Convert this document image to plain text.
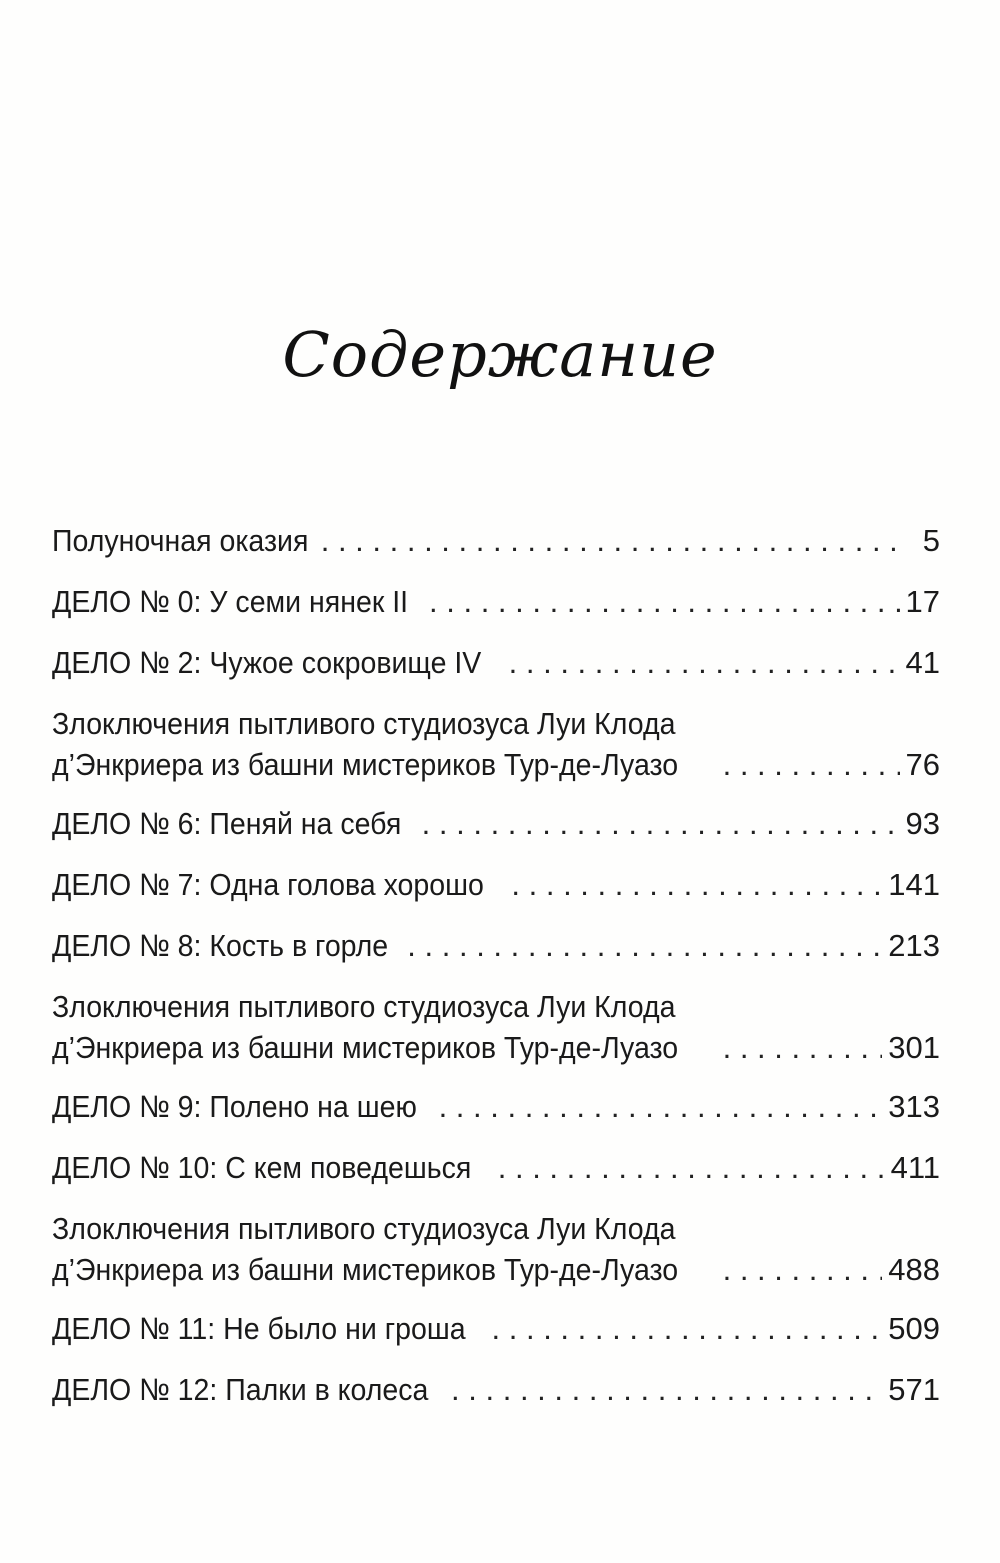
Содержание
Полуночная оказия . . .	5
ДЕЛО № 0: У семи нянек II . . .	17
ДЕЛО № 2: Чужое сокровище IV . . .	41
Злоключения пытливого студиозуса Луи Клода
д’Энкриера из башни мистериков Тур-де-Луазо . . .	76
ДЕЛО № 6: Пеняй на себя . . .	93
ДЕЛО № 7: Одна голова хорошо . . .	141
ДЕЛО № 8: Кость в горле . . .	213
Злоключения пытливого студиозуса Луи Клода
д’Энкриера из башни мистериков Тур-де-Луазо . . .	301
ДЕЛО № 9: Полено на шею . . .	313
ДЕЛО № 10: С кем поведешься . . .	411
Злоключения пытливого студиозуса Луи Клода
д’Энкриера из башни мистериков Тур-де-Луазо . . .	488
ДЕЛО № 11: Не было ни гроша . . .	509
ДЕЛО № 12: Палки в колеса . . .	571
